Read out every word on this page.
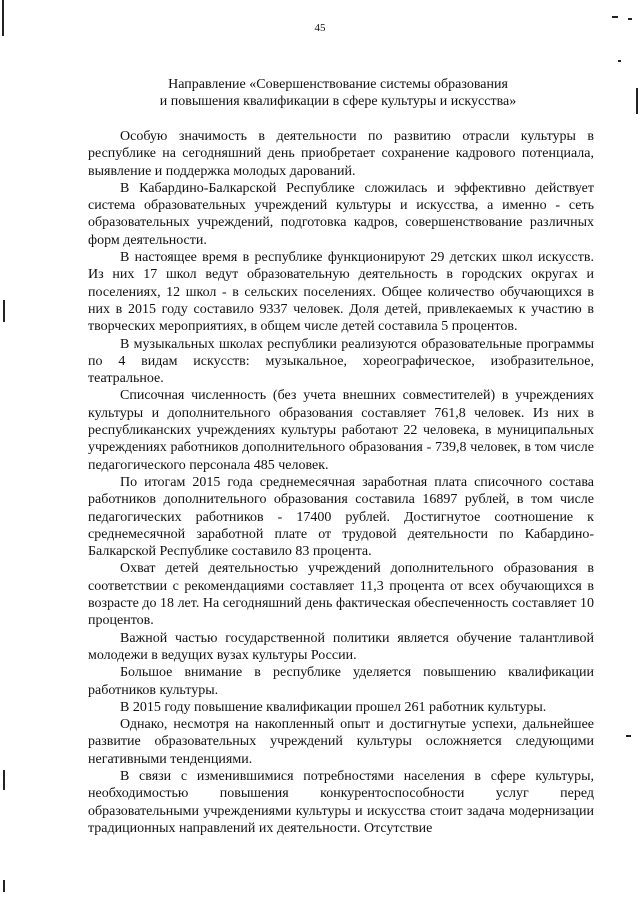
45
Направление «Совершенствование системы образования
и повышения квалификации в сфере культуры и искусства»

Особую значимость в деятельности по развитию отрасли культуры в республике на сегодняшний день приобретает сохранение кадрового потенциала, выявление и поддержка молодых дарований.

В Кабардино-Балкарской Республике сложилась и эффективно действует система образовательных учреждений культуры и искусства, а именно - сеть образовательных учреждений, подготовка кадров, совершенствование различных форм деятельности.

В настоящее время в республике функционируют 29 детских школ искусств. Из них 17 школ ведут образовательную деятельность в городских округах и поселениях, 12 школ - в сельских поселениях. Общее количество обучающихся в них в 2015 году составило 9337 человек. Доля детей, привлекаемых к участию в творческих мероприятиях, в общем числе детей составила 5 процентов.

В музыкальных школах республики реализуются образовательные программы по 4 видам искусств: музыкальное, хореографическое, изобразительное, театральное.

Списочная численность (без учета внешних совместителей) в учреждениях культуры и дополнительного образования составляет 761,8 человек. Из них в республиканских учреждениях культуры работают 22 человека, в муниципальных учреждениях работников дополнительного образования - 739,8 человек, в том числе педагогического персонала 485 человек.

По итогам 2015 года среднемесячная заработная плата списочного состава работников дополнительного образования составила 16897 рублей, в том числе педагогических работников - 17400 рублей. Достигнутое соотношение к среднемесячной заработной плате от трудовой деятельности по Кабардино-Балкарской Республике составило 83 процента.

Охват детей деятельностью учреждений дополнительного образования в соответствии с рекомендациями составляет 11,3 процента от всех обучающихся в возрасте до 18 лет. На сегодняшний день фактическая обеспеченность составляет 10 процентов.

Важной частью государственной политики является обучение талантливой молодежи в ведущих вузах культуры России.

Большое внимание в республике уделяется повышению квалификации работников культуры.

В 2015 году повышение квалификации прошел 261 работник культуры.

Однако, несмотря на накопленный опыт и достигнутые успехи, дальнейшее развитие образовательных учреждений культуры осложняется следующими негативными тенденциями.

В связи с изменившимися потребностями населения в сфере культуры, необходимостью повышения конкурентоспособности услуг перед образовательными учреждениями культуры и искусства стоит задача модернизации традиционных направлений их деятельности. Отсутствие
